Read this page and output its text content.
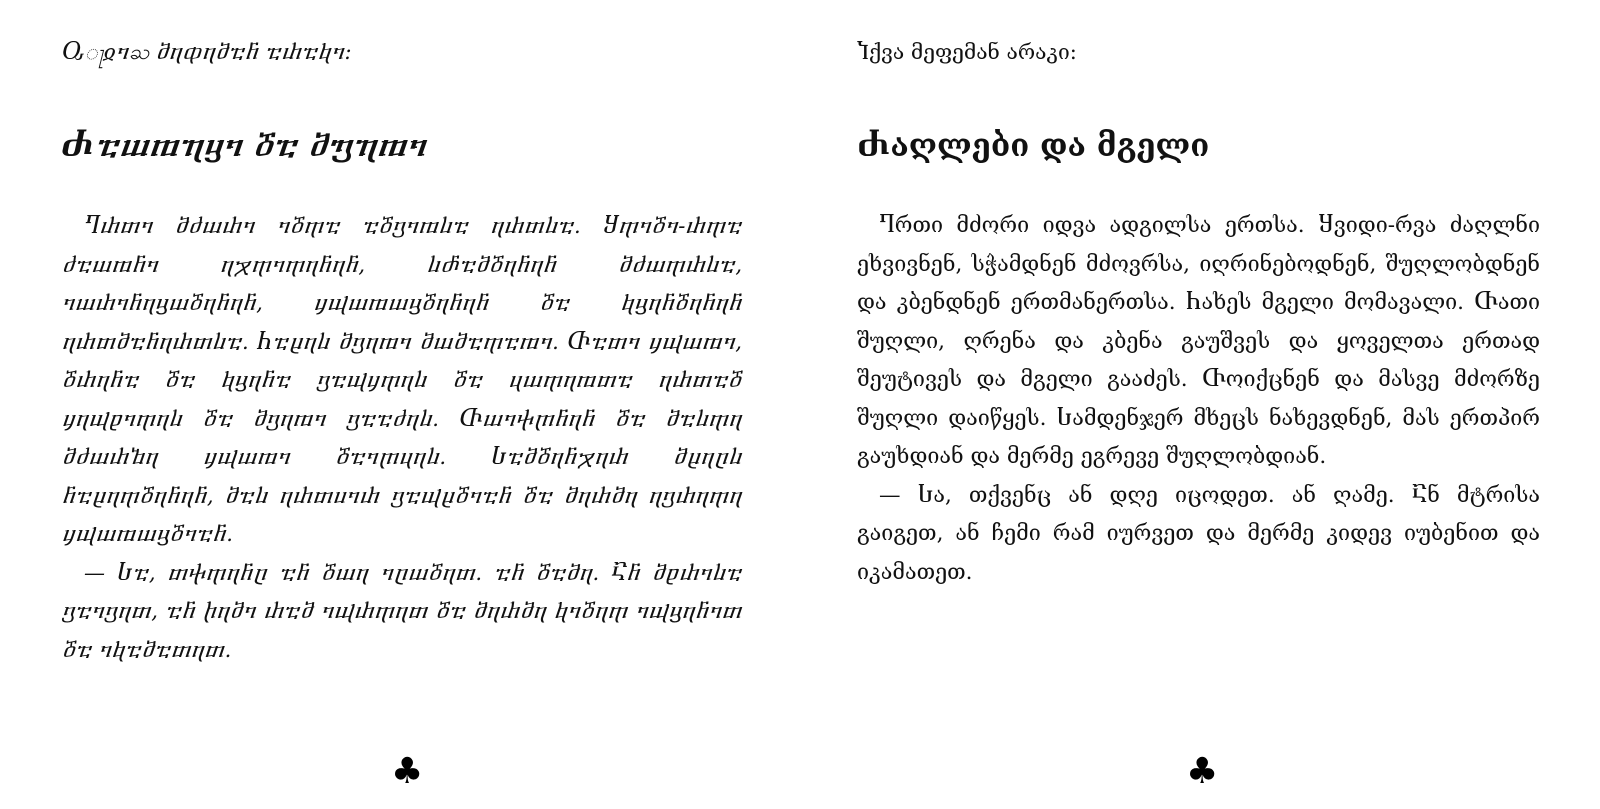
Ⴍႃჲⴈႀ ⴋⴄⴔⴄⴋⴀⴌ ⴀⴐⴀⴉⴈ:
Ⴛⴀⴍⴊⴄⴁⴈ ⴃⴀ ⴋⴂⴄⴊⴈ

Ⴄⴐⴇⴈ ⴋⴛⴍⴐⴈ ⴈⴃⴅⴀ ⴀⴃⴂⴈⴊⴑⴀ ⴄⴐⴇⴑⴀ. Ⴘⴅⴈⴃⴈ-ⴐⴅⴀ ⴛⴀⴍⴊⴌⴈ ⴄⴟⴅⴈⴅⴄⴌⴄⴌ, ⴑⴥⴀⴋⴃⴄⴌⴄⴌ ⴋⴛⴍⴅⴐⴑⴀ, ⴈⴍⴐⴈⴌⴄⴁⴍⴃⴄⴌⴄⴌ, ⴘⴓⴍⴊⴍⴁⴃⴄⴌⴄⴌ ⴃⴀ ⴉⴁⴄⴌⴃⴄⴌⴄⴌ ⴄⴐⴇⴋⴀⴌⴄⴐⴇⴑⴀ. Ⴙⴀⴞⴄⴑ ⴋⴂⴄⴊⴈ ⴋⴍⴋⴀⴅⴀⴊⴈ. Ⴇⴀⴇⴈ ⴘⴓⴍⴊⴈ, ⴃⴐⴄⴌⴀ ⴃⴀ ⴉⴁⴄⴌⴀ ⴂⴀⴓⴘⴅⴄⴑ ⴃⴀ ⴗⴍⴅⴄⴊⴇⴀ ⴄⴐⴇⴀⴃ ⴘⴄⴓⴒⴈⴅⴄⴑ ⴃⴀ ⴋⴂⴄⴊⴈ ⴂⴀⴀⴛⴄⴑ. Ⴇⴍⴈⴕⴜⴌⴄⴌ ⴃⴀ ⴋⴀⴑⴅⴄ ⴋⴛⴍⴐⴆⴄ ⴘⴓⴍⴊⴈ ⴃⴀⴈⴜⴗⴄⴑ. Ⴑⴀⴋⴃⴄⴌⴟⴄⴐ ⴋⴞⴄⴚⴑ ⴌⴀⴞⴄⴅⴃⴄⴌⴄⴌ, ⴋⴀⴑ ⴄⴐⴇⴎⴈⴐ ⴂⴀⴓⴞⴃⴈⴀⴌ ⴃⴀ ⴋⴄⴐⴋⴄ ⴄⴂⴐⴄⴅⴄ ⴘⴓⴍⴊⴍⴁⴃⴈⴀⴌ.

— Ⴑⴀ, ⴇⴕⴅⴄⴌⴚ ⴀⴌ ⴃⴍⴄ ⴈⴚⴍⴃⴄⴇ. ⴀⴌ ⴃⴀⴋⴄ. Ⴀⴌ ⴋⴒⴐⴈⴑⴀ ⴂⴀⴈⴂⴄⴇ, ⴀⴌ ⴙⴄⴋⴈ ⴐⴀⴋ ⴈⴓⴐⴅⴄⴇ ⴃⴀ ⴋⴄⴐⴋⴄ ⴉⴈⴃⴄⴅ ⴈⴓⴁⴄⴌⴈⴇ ⴃⴀ ⴈⴉⴀⴋⴀⴇⴄⴇ.

♣
Ⴈქვა მეფემან არაკი:
Ⴛაღლები და მგელი

Ⴄრთი მძორი იდვა ადგილსა ერთსა. Ⴘვიდი-რვა ძაღლნი ეხვივნენ, სჭამდნენ მძოვრსა, იღრინებოდნენ, შუღლობდნენ და კბენდნენ ერთმანერთსა. Ⴙახეს მგელი მომავალი. Ⴇათი შუღლი, ღრენა და კბენა გაუშვეს და ყოველთა ერთად შეუტივეს და მგელი გააძეს. Ⴇოიქცნენ და მასვე მძორზე შუღლი დაიწყეს. Ⴑამდენჯერ მხეცს ნახევდნენ, მას ერთპირ გაუხდიან და მერმე ეგრევე შუღლობდიან.

— Ⴑა, თქვენც ან დღე იცოდეთ. ან ღამე. Ⴀნ მტრისა გაიგეთ, ან ჩემი რამ იურვეთ და მერმე კიდევ იუბენით და იკამათეთ.

♣
